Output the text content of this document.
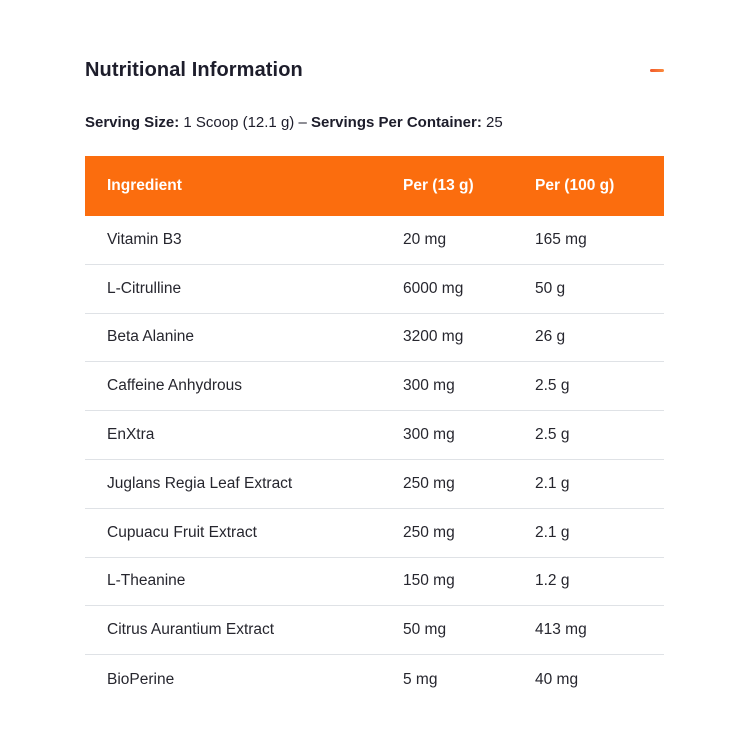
Nutritional Information

Serving Size: 1 Scoop (12.1 g) – Servings Per Container: 25

Ingredient	Per (13 g)	Per (100 g)
Vitamin B3	20 mg	165 mg
L-Citrulline	6000 mg	50 g
Beta Alanine	3200 mg	26 g
Caffeine Anhydrous	300 mg	2.5 g
EnXtra	300 mg	2.5 g
Juglans Regia Leaf Extract	250 mg	2.1 g
Cupuacu Fruit Extract	250 mg	2.1 g
L-Theanine	150 mg	1.2 g
Citrus Aurantium Extract	50 mg	413 mg
BioPerine	5 mg	40 mg
